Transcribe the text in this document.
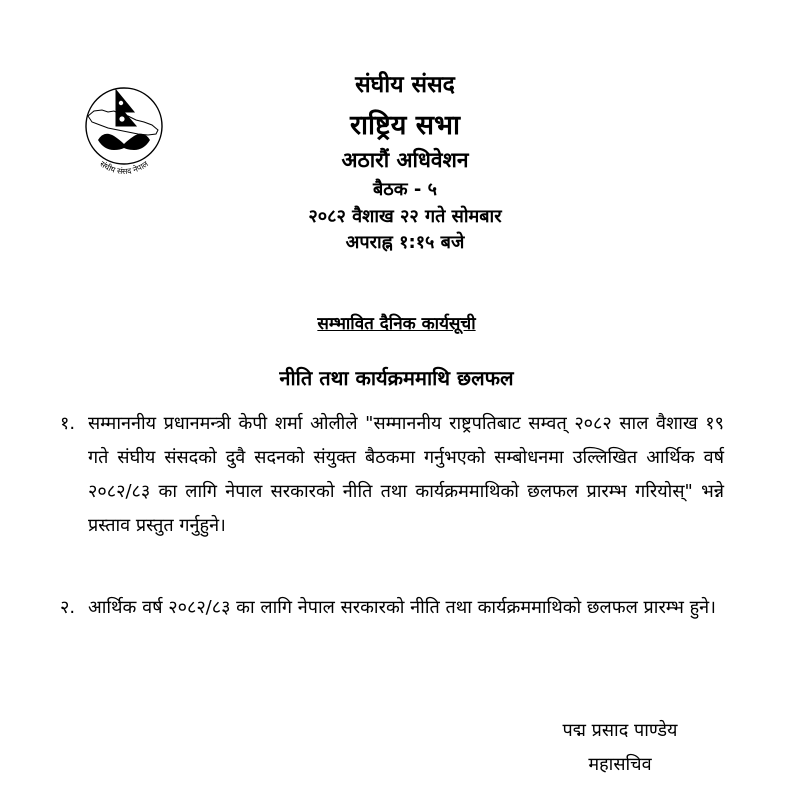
संघीय संसद नेपाल
संघीय संसद
राष्ट्रिय सभा
अठारौं अधिवेशन
बैठक - ५
२०८२ वैशाख २२ गते सोमबार
अपराह्न १:१५ बजे
सम्भावित दैनिक कार्यसूची
नीति तथा कार्यक्रममाथि छलफल
१. सम्माननीय प्रधानमन्त्री केपी शर्मा ओलीले "सम्माननीय राष्ट्रपतिबाट सम्वत् २०८२ साल वैशाख १९ गते संघीय संसदको दुवै सदनको संयुक्त बैठकमा गर्नुभएको सम्बोधनमा उल्लिखित आर्थिक वर्ष २०८२/८३ का लागि नेपाल सरकारको नीति तथा कार्यक्रममाथिको छलफल प्रारम्भ गरियोस्" भन्ने प्रस्ताव प्रस्तुत गर्नुहुने।
२. आर्थिक वर्ष २०८२/८३ का लागि नेपाल सरकारको नीति तथा कार्यक्रममाथिको छलफल प्रारम्भ हुने।
पद्म प्रसाद पाण्डेय
महासचिव
